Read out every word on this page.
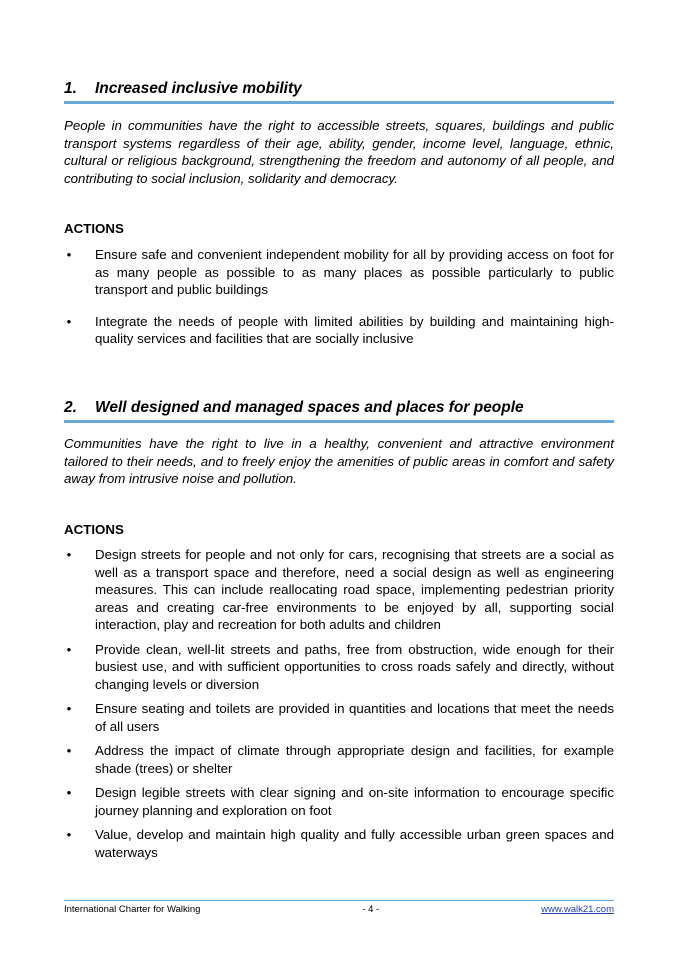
1.	Increased inclusive mobility

People in communities have the right to accessible streets, squares, buildings and public transport systems regardless of their age, ability, gender, income level, language, ethnic, cultural or religious background, strengthening the freedom and autonomy of all people, and contributing to social inclusion, solidarity and democracy.

ACTIONS

• Ensure safe and convenient independent mobility for all by providing access on foot for as many people as possible to as many places as possible particularly to public transport and public buildings
• Integrate the needs of people with limited abilities by building and maintaining high-quality services and facilities that are socially inclusive
2.	Well designed and managed spaces and places for people

Communities have the right to live in a healthy, convenient and attractive environment tailored to their needs, and to freely enjoy the amenities of public areas in comfort and safety away from intrusive noise and pollution.

ACTIONS

• Design streets for people and not only for cars, recognising that streets are a social as well as a transport space and therefore, need a social design as well as engineering measures. This can include reallocating road space, implementing pedestrian priority areas and creating car-free environments to be enjoyed by all, supporting social interaction, play and recreation for both adults and children
• Provide clean, well-lit streets and paths, free from obstruction, wide enough for their busiest use, and with sufficient opportunities to cross roads safely and directly, without changing levels or diversion
• Ensure seating and toilets are provided in quantities and locations that meet the needs of all users
• Address the impact of climate through appropriate design and facilities, for example shade (trees) or shelter
• Design legible streets with clear signing and on-site information to encourage specific journey planning and exploration on foot
• Value, develop and maintain high quality and fully accessible urban green spaces and waterways
International Charter for Walking	- 4 -	www.walk21.com
